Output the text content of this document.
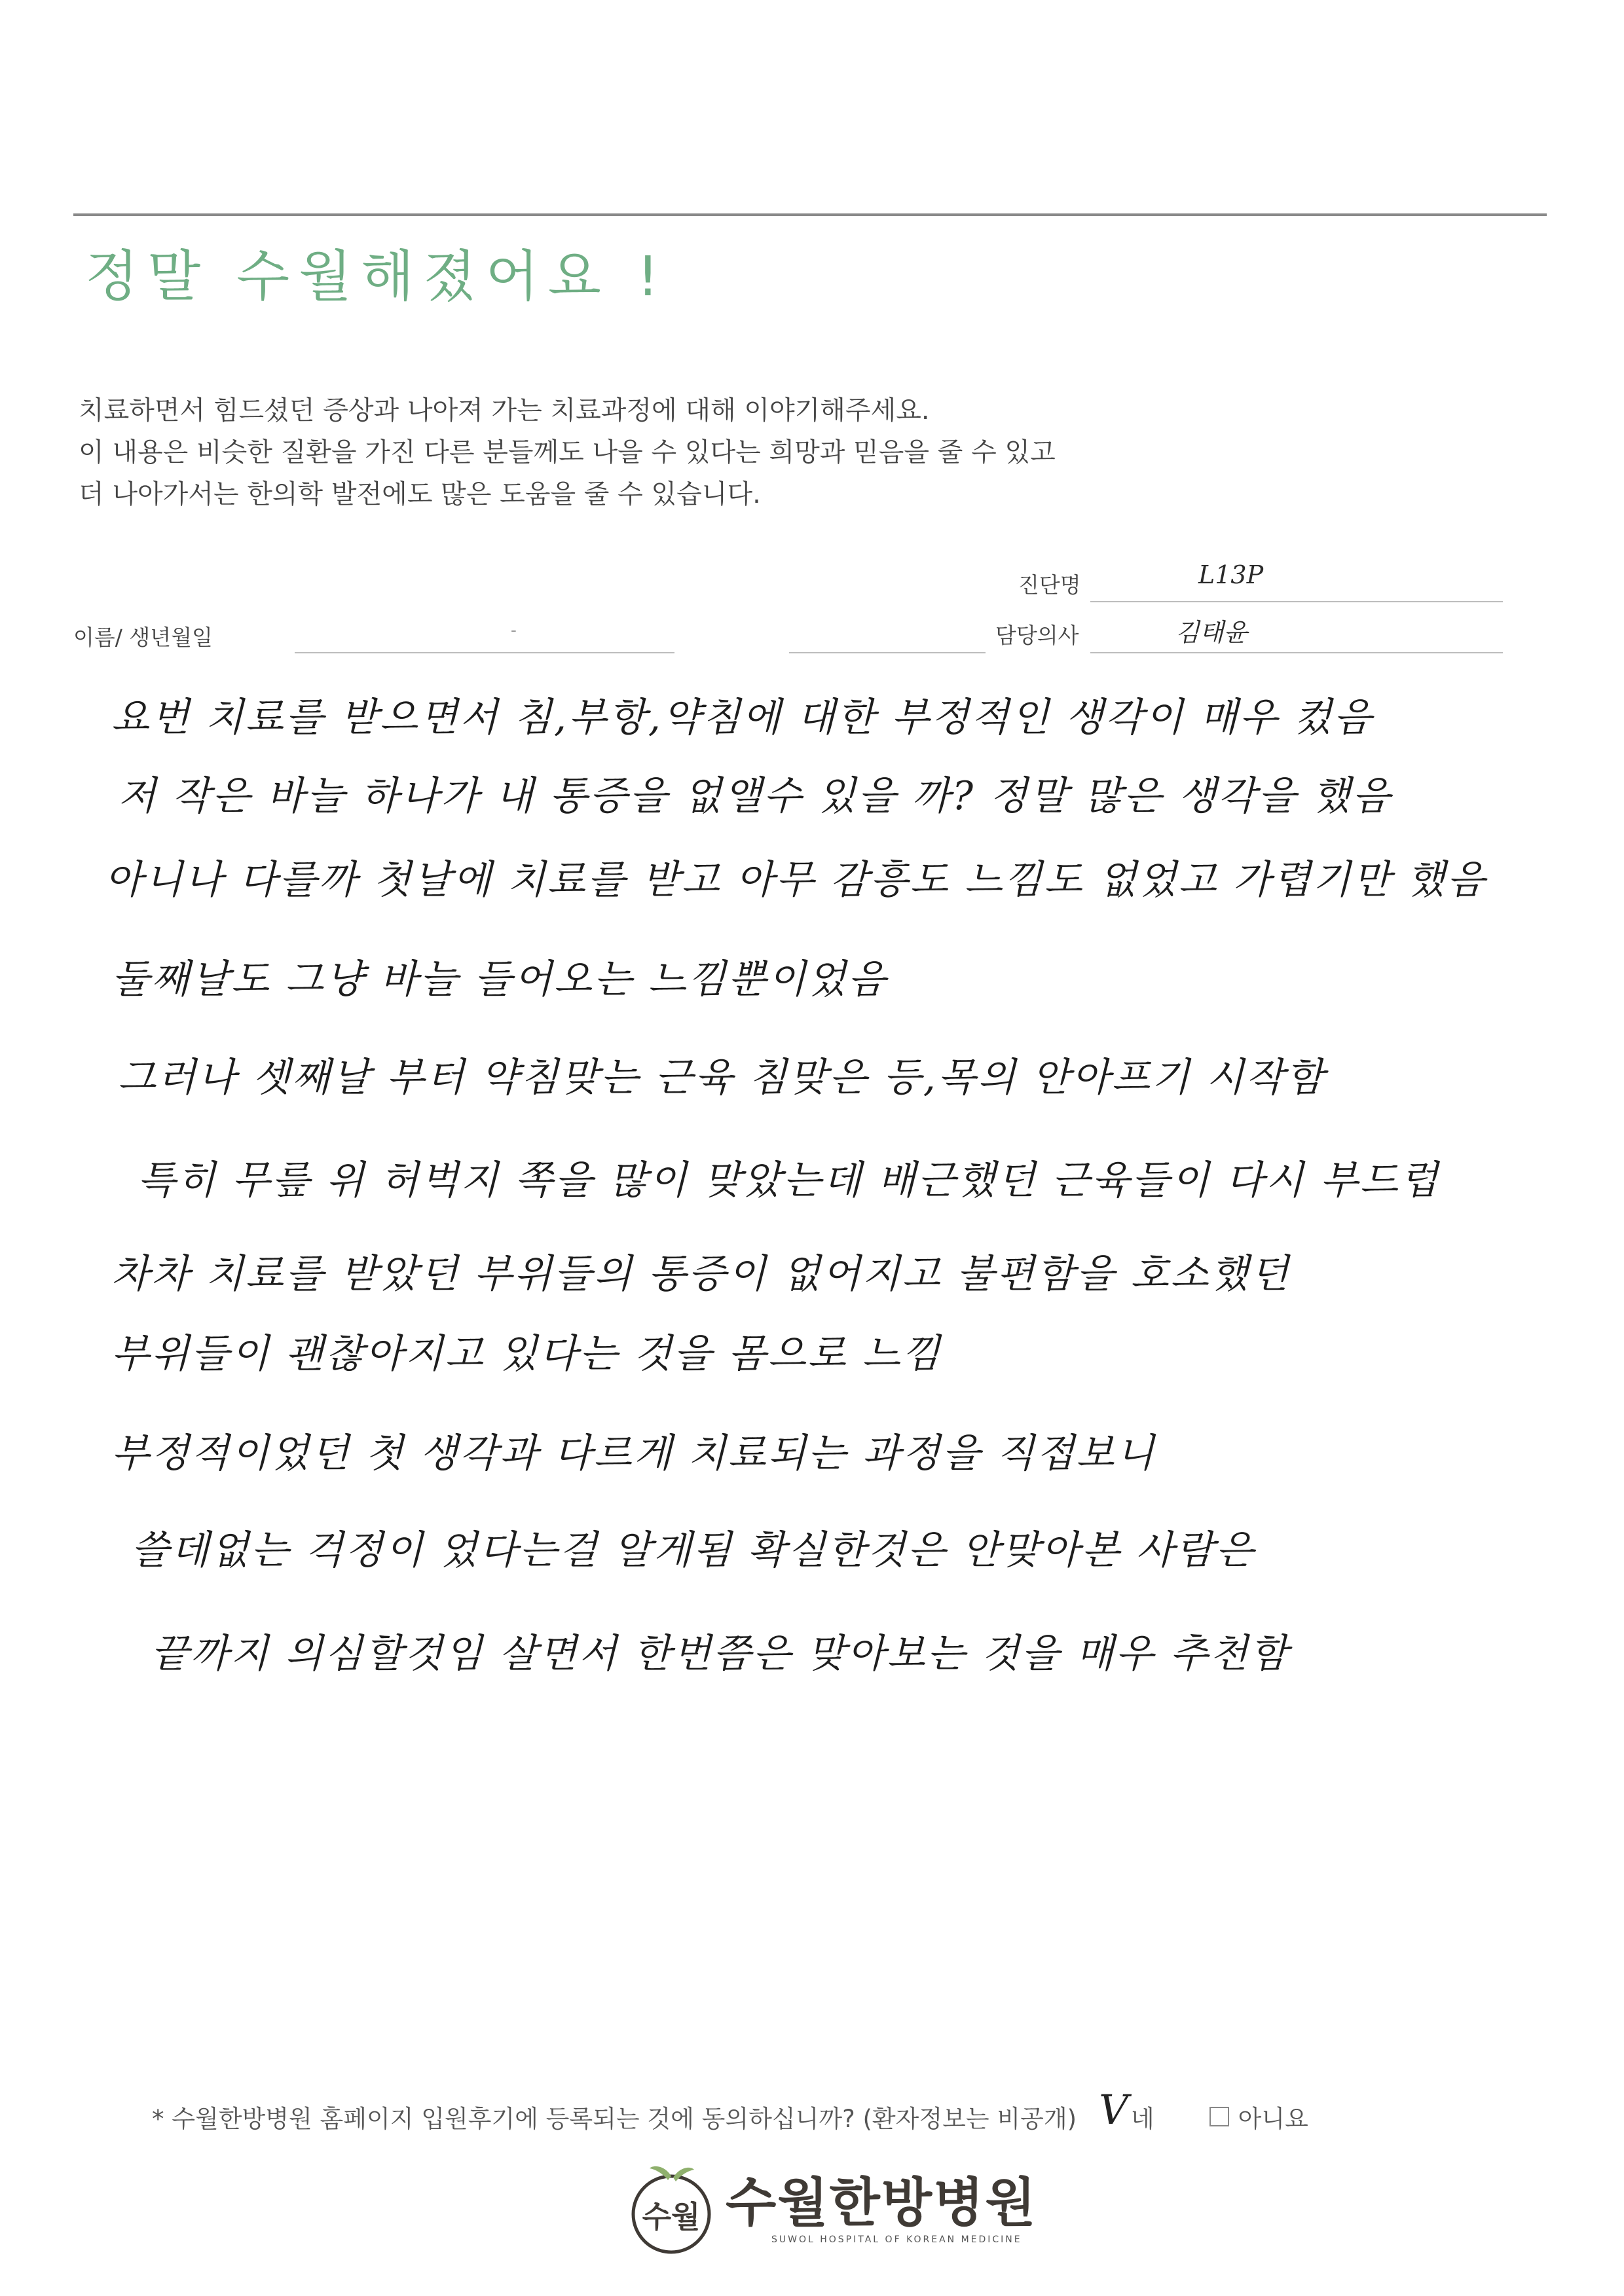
정말 수월해졌어요 !
치료하면서 힘드셨던 증상과 나아져 가는 치료과정에 대해 이야기해주세요.
이 내용은 비슷한 질환을 가진 다른 분들께도 나을 수 있다는 희망과 믿음을 줄 수 있고
더 나아가서는 한의학 발전에도 많은 도움을 줄 수 있습니다.
진단명	L13P
이름/ 생년월일	-	담당의사	김태윤
요번 치료를 받으면서 침,부항,약침에 대한 부정적인 생각이 매우 컸음
저 작은 바늘 하나가 내 통증을 없앨수 있을 까? 정말 많은 생각을 했음
아니나 다를까 첫날에 치료를 받고 아무 감흥도 느낌도 없었고 가렵기만 했음
둘째날도 그냥 바늘 들어오는 느낌뿐이었음
그러나 셋째날 부터 약침맞는 근육 침맞은 등,목의 안아프기 시작함
특히 무릎 위 허벅지 쪽을 많이 맞았는데 배근했던 근육들이 다시 부드럽
차차 치료를 받았던 부위들의 통증이 없어지고 불편함을 호소했던
부위들이 괜찮아지고 있다는 것을 몸으로 느낌
부정적이었던 첫 생각과 다르게 치료되는 과정을 직접보니
쓸데없는 걱정이 었다는걸 알게됨 확실한것은 안맞아본 사람은
끝까지 의심할것임 살면서 한번쯤은 맞아보는 것을 매우 추천함
* 수월한방병원 홈페이지 입원후기에 등록되는 것에 동의하십니까? (환자정보는 비공개) V 네	아니요
수월 수월한방병원
SUWOL HOSPITAL OF KOREAN MEDICINE
